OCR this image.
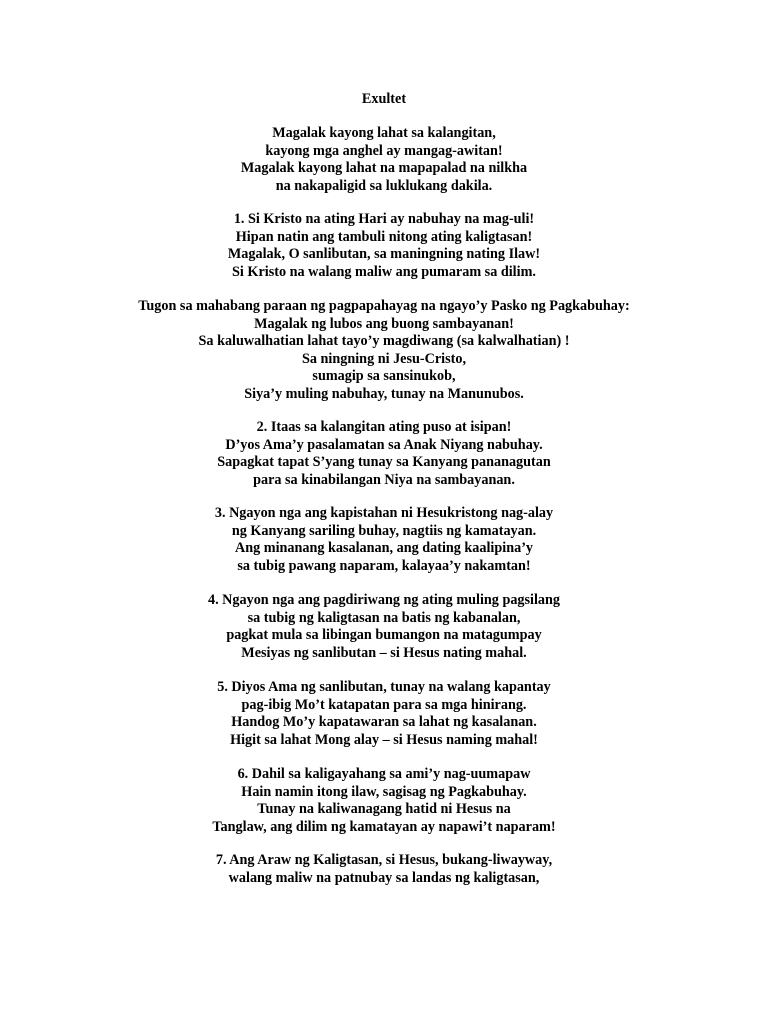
Exultet
Magalak kayong lahat sa kalangitan,
kayong mga anghel ay mangag-awitan!
Magalak kayong lahat na mapapalad na nilkha
na nakapaligid sa luklukang dakila.
1. Si Kristo na ating Hari ay nabuhay na mag-uli!
Hipan natin ang tambuli nitong ating kaligtasan!
Magalak, O sanlibutan, sa maningning nating Ilaw!
Si Kristo na walang maliw ang pumaram sa dilim.
Tugon sa mahabang paraan ng pagpapahayag na ngayo’y Pasko ng Pagkabuhay:
Magalak ng lubos ang buong sambayanan!
Sa kaluwalhatian lahat tayo’y magdiwang (sa kalwalhatian) !
Sa ningning ni Jesu-Cristo,
sumagip sa sansinukob,
Siya’y muling nabuhay, tunay na Manunubos.
2. Itaas sa kalangitan ating puso at isipan!
D’yos Ama’y pasalamatan sa Anak Niyang nabuhay.
Sapagkat tapat S’yang tunay sa Kanyang pananagutan
para sa kinabilangan Niya na sambayanan.
3. Ngayon nga ang kapistahan ni Hesukristong nag-alay
ng Kanyang sariling buhay, nagtiis ng kamatayan.
Ang minanang kasalanan, ang dating kaalipina’y
sa tubig pawang naparam, kalayaa’y nakamtan!
4. Ngayon nga ang pagdiriwang ng ating muling pagsilang
sa tubig ng kaligtasan na batis ng kabanalan,
pagkat mula sa libingan bumangon na matagumpay
Mesiyas ng sanlibutan – si Hesus nating mahal.
5. Diyos Ama ng sanlibutan, tunay na walang kapantay
pag-ibig Mo’t katapatan para sa mga hinirang.
Handog Mo’y kapatawaran sa lahat ng kasalanan.
Higit sa lahat Mong alay – si Hesus naming mahal!
6. Dahil sa kaligayahang sa ami’y nag-uumapaw
Hain namin itong ilaw, sagisag ng Pagkabuhay.
Tunay na kaliwanagang hatid ni Hesus na
Tanglaw, ang dilim ng kamatayan ay napawi’t naparam!
7. Ang Araw ng Kaligtasan, si Hesus, bukang-liwayway,
walang maliw na patnubay sa landas ng kaligtasan,
